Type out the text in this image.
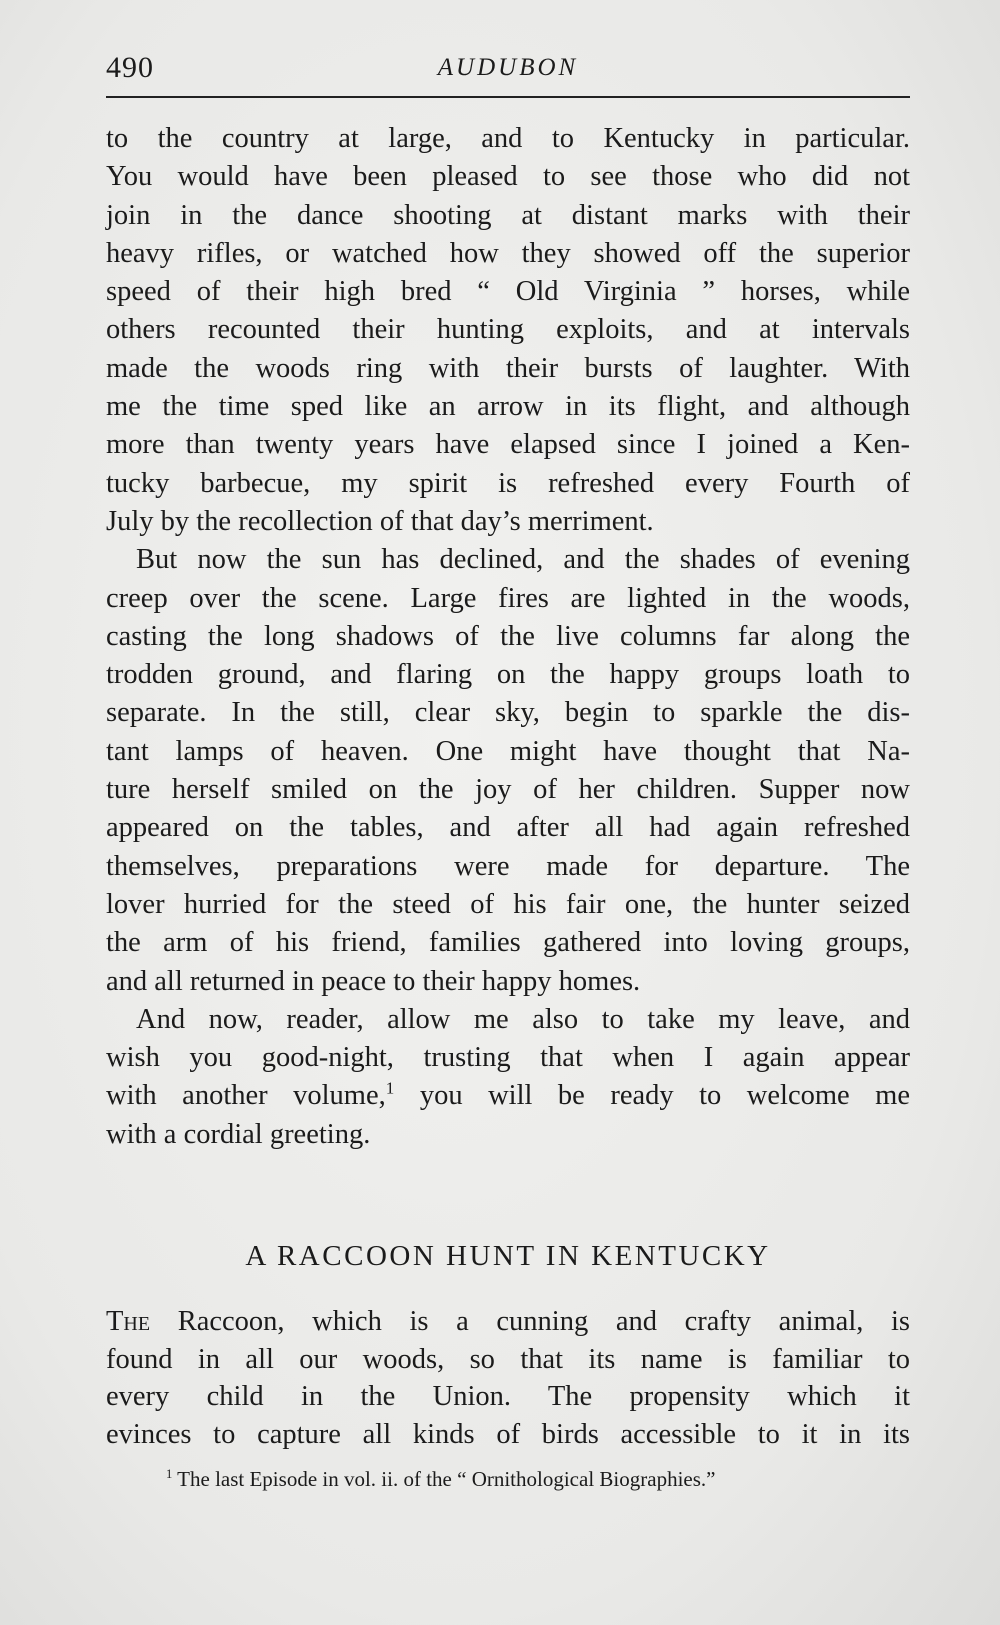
490	AUDUBON
to the country at large, and to Kentucky in particular.
You would have been pleased to see those who did not
join in the dance shooting at distant marks with their
heavy rifles, or watched how they showed off the superior
speed of their high bred “ Old Virginia ” horses, while
others recounted their hunting exploits, and at intervals
made the woods ring with their bursts of laughter. With
me the time sped like an arrow in its flight, and although
more than twenty years have elapsed since I joined a Ken-
tucky barbecue, my spirit is refreshed every Fourth of
July by the recollection of that day’s merriment.
But now the sun has declined, and the shades of evening
creep over the scene. Large fires are lighted in the woods,
casting the long shadows of the live columns far along the
trodden ground, and flaring on the happy groups loath to
separate. In the still, clear sky, begin to sparkle the dis-
tant lamps of heaven. One might have thought that Na-
ture herself smiled on the joy of her children. Supper now
appeared on the tables, and after all had again refreshed
themselves, preparations were made for departure. The
lover hurried for the steed of his fair one, the hunter seized
the arm of his friend, families gathered into loving groups,
and all returned in peace to their happy homes.
And now, reader, allow me also to take my leave, and
wish you good-night, trusting that when I again appear
with another volume,$^1$ you will be ready to welcome me
with a cordial greeting.
A RACCOON HUNT IN KENTUCKY
The Raccoon, which is a cunning and crafty animal, is
found in all our woods, so that its name is familiar to
every child in the Union. The propensity which it
evinces to capture all kinds of birds accessible to it in its
$^1$ The last Episode in vol. ii. of the “ Ornithological Biographies.”
